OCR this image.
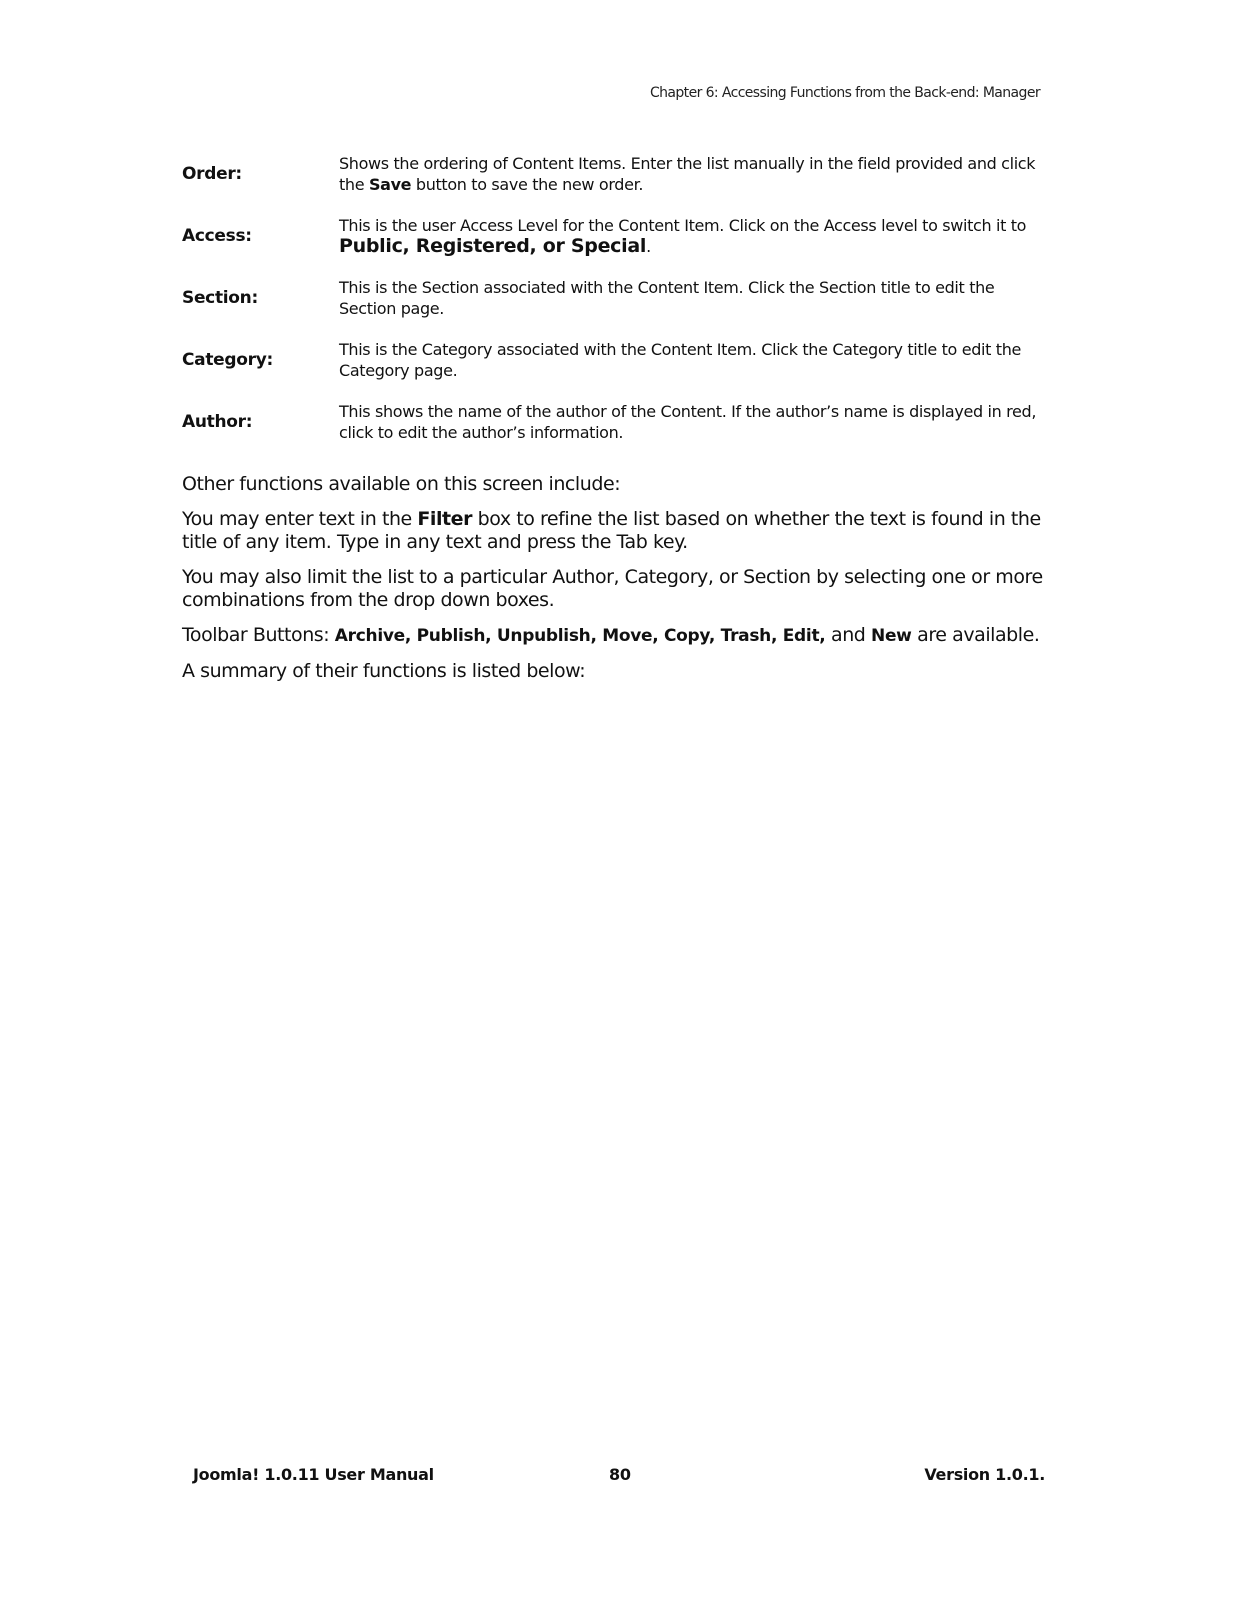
Chapter 6: Accessing Functions from the Back-end: Manager
Order:
Shows the ordering of Content Items. Enter the list manually in the field provided and click the Save button to save the new order.
Access:
This is the user Access Level for the Content Item. Click on the Access level to switch it to Public, Registered, or Special.
Section:
This is the Section associated with the Content Item. Click the Section title to edit the Section page.
Category:
This is the Category associated with the Content Item. Click the Category title to edit the Category page.
Author:
This shows the name of the author of the Content. If the author’s name is displayed in red, click to edit the author’s information.

Other functions available on this screen include:

You may enter text in the Filter box to refine the list based on whether the text is found in the title of any item. Type in any text and press the Tab key.

You may also limit the list to a particular Author, Category, or Section by selecting one or more combinations from the drop down boxes.

Toolbar Buttons: Archive, Publish, Unpublish, Move, Copy, Trash, Edit, and New are available.

A summary of their functions is listed below:

Joomla! 1.0.11 User Manual	80	Version 1.0.1.
